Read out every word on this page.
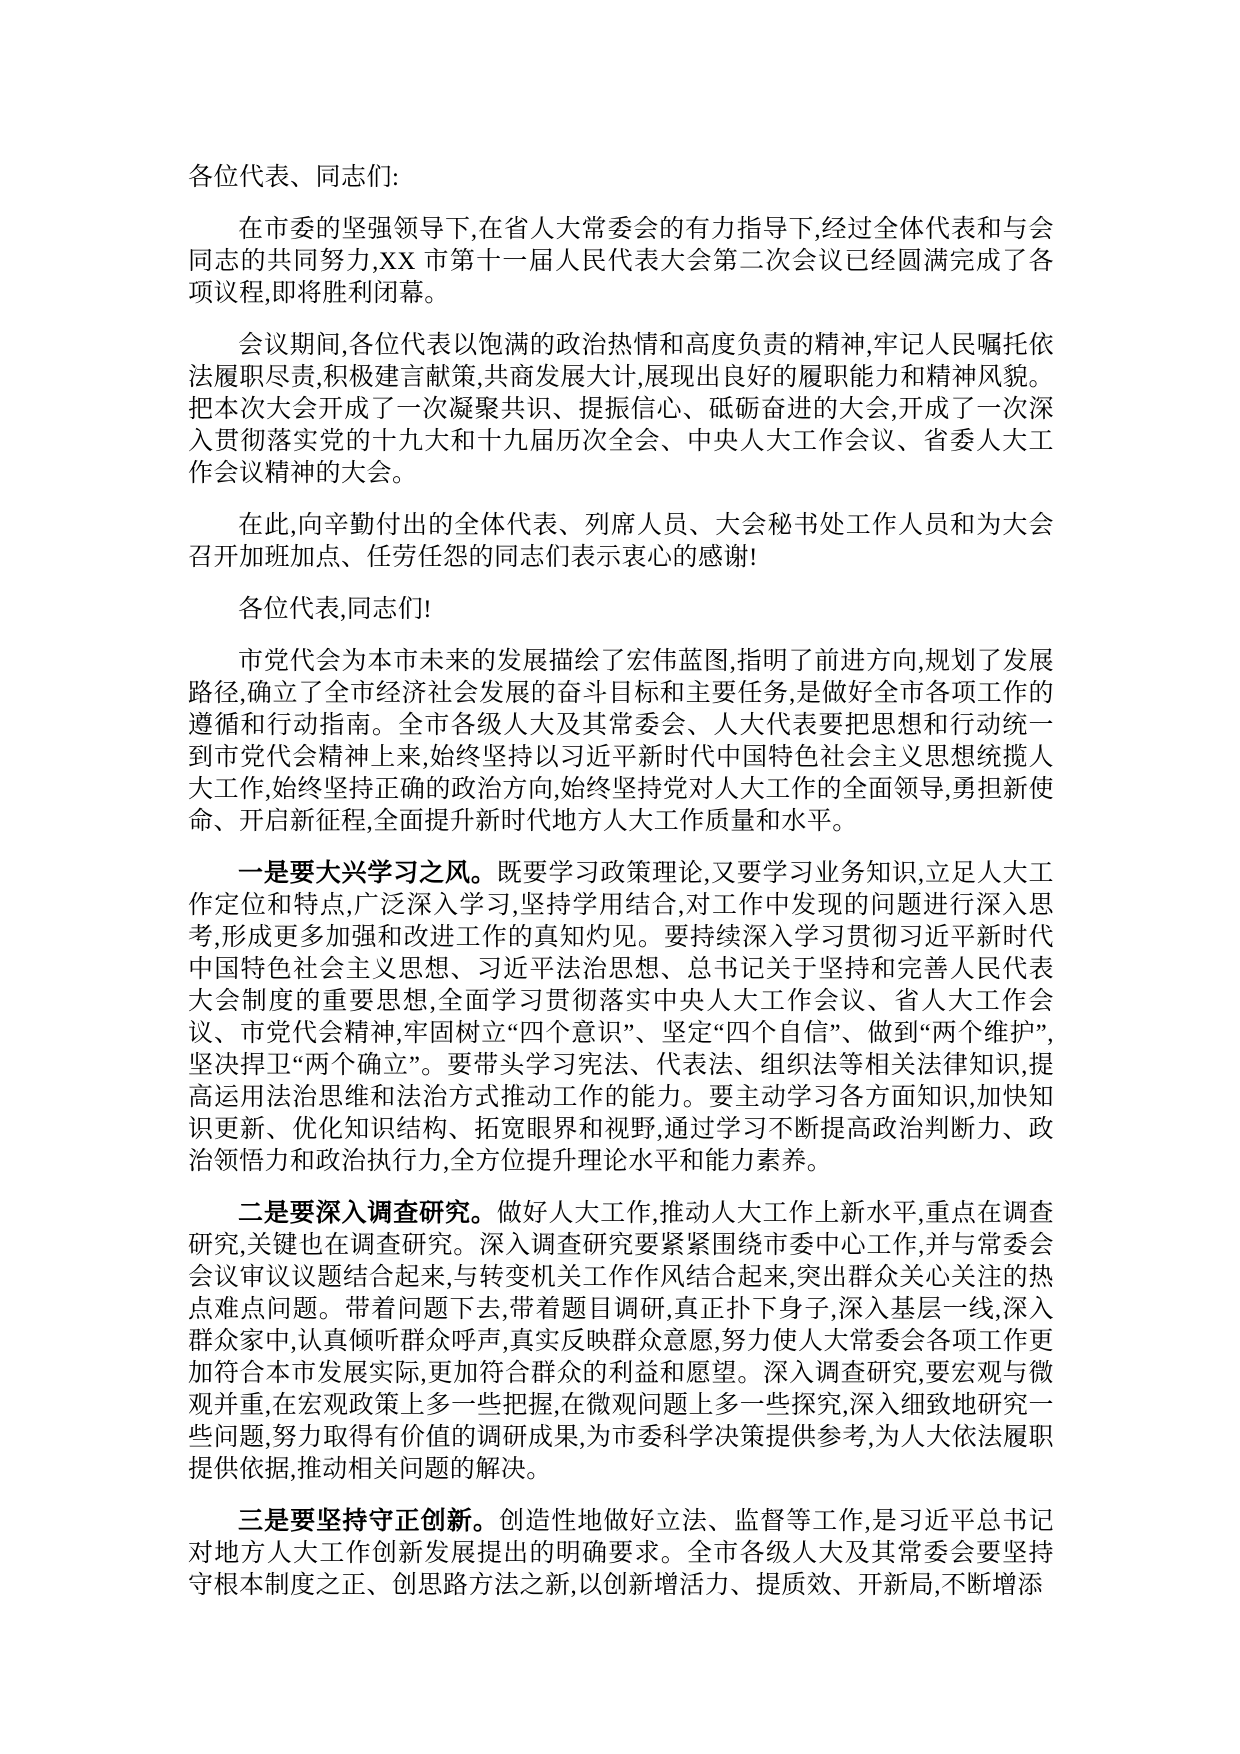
各位代表、同志们:

在市委的坚强领导下,在省人大常委会的有力指导下,经过全体代表和与会同志的共同努力,XX 市第十一届人民代表大会第二次会议已经圆满完成了各项议程,即将胜利闭幕。

会议期间,各位代表以饱满的政治热情和高度负责的精神,牢记人民嘱托依法履职尽责,积极建言献策,共商发展大计,展现出良好的履职能力和精神风貌。把本次大会开成了一次凝聚共识、提振信心、砥砺奋进的大会,开成了一次深入贯彻落实党的十九大和十九届历次全会、中央人大工作会议、省委人大工作会议精神的大会。

在此,向辛勤付出的全体代表、列席人员、大会秘书处工作人员和为大会召开加班加点、任劳任怨的同志们表示衷心的感谢!

各位代表,同志们!

市党代会为本市未来的发展描绘了宏伟蓝图,指明了前进方向,规划了发展路径,确立了全市经济社会发展的奋斗目标和主要任务,是做好全市各项工作的遵循和行动指南。全市各级人大及其常委会、人大代表要把思想和行动统一到市党代会精神上来,始终坚持以习近平新时代中国特色社会主义思想统揽人大工作,始终坚持正确的政治方向,始终坚持党对人大工作的全面领导,勇担新使命、开启新征程,全面提升新时代地方人大工作质量和水平。

一是要大兴学习之风。既要学习政策理论,又要学习业务知识,立足人大工作定位和特点,广泛深入学习,坚持学用结合,对工作中发现的问题进行深入思考,形成更多加强和改进工作的真知灼见。要持续深入学习贯彻习近平新时代中国特色社会主义思想、习近平法治思想、总书记关于坚持和完善人民代表大会制度的重要思想,全面学习贯彻落实中央人大工作会议、省人大工作会议、市党代会精神,牢固树立“四个意识”、坚定“四个自信”、做到“两个维护”,坚决捍卫“两个确立”。要带头学习宪法、代表法、组织法等相关法律知识,提高运用法治思维和法治方式推动工作的能力。要主动学习各方面知识,加快知识更新、优化知识结构、拓宽眼界和视野,通过学习不断提高政治判断力、政治领悟力和政治执行力,全方位提升理论水平和能力素养。

二是要深入调查研究。做好人大工作,推动人大工作上新水平,重点在调查研究,关键也在调查研究。深入调查研究要紧紧围绕市委中心工作,并与常委会会议审议议题结合起来,与转变机关工作作风结合起来,突出群众关心关注的热点难点问题。带着问题下去,带着题目调研,真正扑下身子,深入基层一线,深入群众家中,认真倾听群众呼声,真实反映群众意愿,努力使人大常委会各项工作更加符合本市发展实际,更加符合群众的利益和愿望。深入调查研究,要宏观与微观并重,在宏观政策上多一些把握,在微观问题上多一些探究,深入细致地研究一些问题,努力取得有价值的调研成果,为市委科学决策提供参考,为人大依法履职提供依据,推动相关问题的解决。

三是要坚持守正创新。创造性地做好立法、监督等工作,是习近平总书记对地方人大工作创新发展提出的明确要求。全市各级人大及其常委会要坚持守根本制度之正、创思路方法之新,以创新增活力、提质效、开新局,不断增添
